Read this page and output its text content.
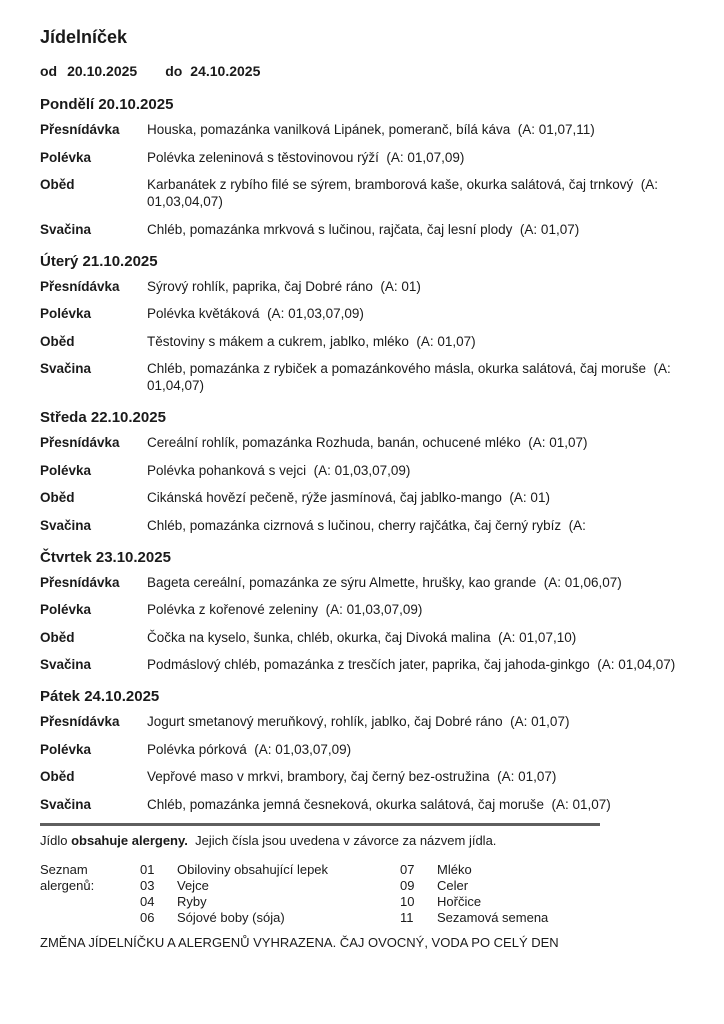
Jídelníček
od 20.10.2025 do 24.10.2025
Pondělí 20.10.2025
Přesnídávka	Houska, pomazánka vanilková Lipánek, pomeranč, bílá káva  (A: 01,07,11)
Polévka	Polévka zeleninová s těstovinovou rýží  (A: 01,07,09)
Oběd	Karbanátek z rybího filé se sýrem, bramborová kaše, okurka salátová, čaj trnkový  (A: 01,03,04,07)
Svačina	Chléb, pomazánka mrkvová s lučinou, rajčata, čaj lesní plody  (A: 01,07)
Úterý 21.10.2025
Přesnídávka	Sýrový rohlík, paprika, čaj Dobré ráno  (A: 01)
Polévka	Polévka květáková  (A: 01,03,07,09)
Oběd	Těstoviny s mákem a cukrem, jablko, mléko  (A: 01,07)
Svačina	Chléb, pomazánka z rybiček a pomazánkového másla, okurka salátová, čaj moruše  (A: 01,04,07)
Středa 22.10.2025
Přesnídávka	Cereální rohlík, pomazánka Rozhuda, banán, ochucené mléko  (A: 01,07)
Polévka	Polévka pohanková s vejci  (A: 01,03,07,09)
Oběd	Cikánská hovězí pečeně, rýže jasmínová, čaj jablko-mango  (A: 01)
Svačina	Chléb, pomazánka cizrnová s lučinou, cherry rajčátka, čaj černý rybíz  (A:
Čtvrtek 23.10.2025
Přesnídávka	Bageta cereální, pomazánka ze sýru Almette, hrušky, kao grande  (A: 01,06,07)
Polévka	Polévka z kořenové zeleniny  (A: 01,03,07,09)
Oběd	Čočka na kyselo, šunka, chléb, okurka, čaj Divoká malina  (A: 01,07,10)
Svačina	Podmáslový chléb, pomazánka z tresčích jater, paprika, čaj jahoda-ginkgo  (A: 01,04,07)
Pátek 24.10.2025
Přesnídávka	Jogurt smetanový meruňkový, rohlík, jablko, čaj Dobré ráno  (A: 01,07)
Polévka	Polévka pórková  (A: 01,03,07,09)
Oběd	Vepřové maso v mrkvi, brambory, čaj černý bez-ostružina  (A: 01,07)
Svačina	Chléb, pomazánka jemná česneková, okurka salátová, čaj moruše  (A: 01,07)
Jídlo obsahuje alergeny.  Jejich čísla jsou uvedena v závorce za názvem jídla.
Seznam alergenů:
01	Obiloviny obsahující lepek	07	Mléko
03	Vejce	09	Celer
04	Ryby	10	Hořčice
06	Sójové boby (sója)	11	Sezamová semena
ZMĚNA JÍDELNÍČKU A ALERGENŮ VYHRAZENA. ČAJ OVOCNÝ, VODA PO CELÝ DEN
